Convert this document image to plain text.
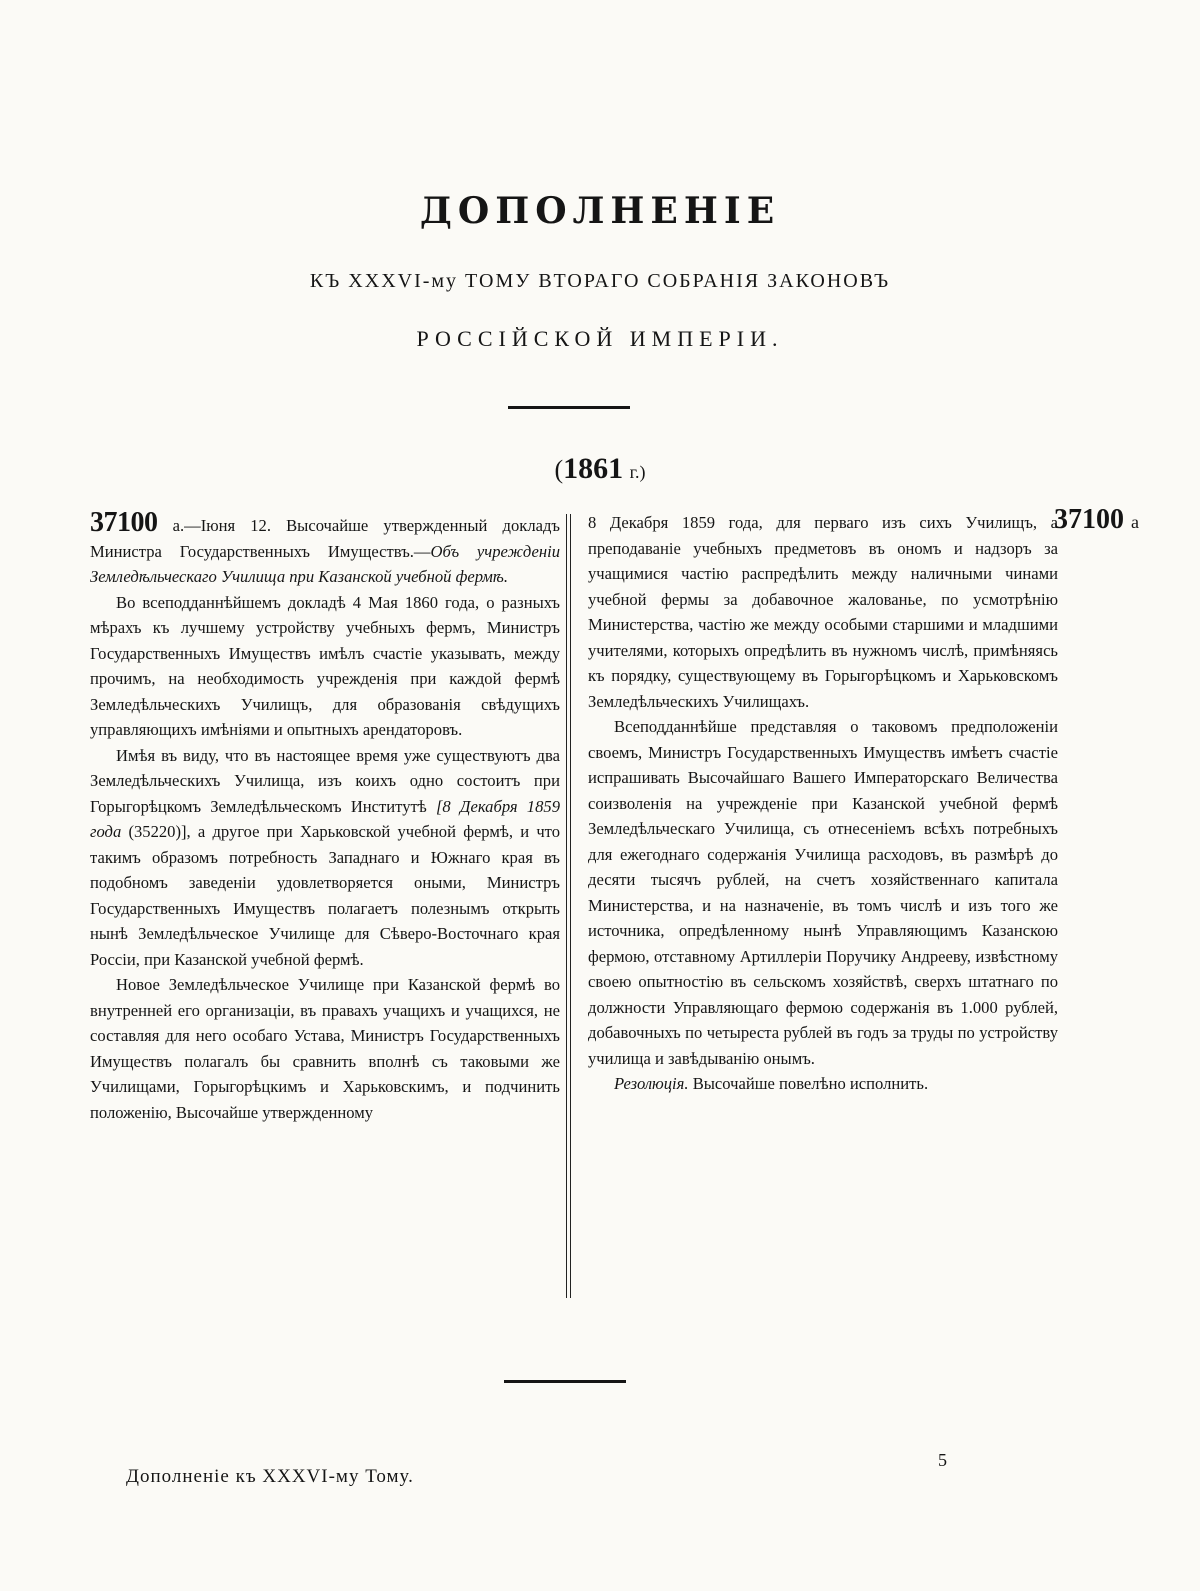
ДОПОЛНЕНІЕ
КЪ XXXVI-му ТОМУ ВТОРАГО СОБРАНІЯ ЗАКОНОВЪ
РОССІЙСКОЙ ИМПЕРІИ.
(1861 г.)

37100 а.—Іюня 12. Высочайше утвержденный докладъ Министра Государственныхъ Имуществъ.—Объ учрежденіи Земледѣльческаго Училища при Казанской учебной фермѣ.

Во всеподданнѣйшемъ докладѣ 4 Мая 1860 года, о разныхъ мѣрахъ къ лучшему устройству учебныхъ фермъ, Министръ Государственныхъ Имуществъ имѣлъ счастіе указывать, между прочимъ, на необходимость учрежденія при каждой фермѣ Земледѣльческихъ Училищъ, для образованія свѣдущихъ управляющихъ имѣніями и опытныхъ арендаторовъ.

Имѣя въ виду, что въ настоящее время уже существуютъ два Земледѣльческихъ Училища, изъ коихъ одно состоитъ при Горыгорѣцкомъ Земледѣльческомъ Институтѣ [8 Декабря 1859 года (35220)], а другое при Харьковской учебной фермѣ, и что такимъ образомъ потребность Западнаго и Южнаго края въ подобномъ заведеніи удовлетворяется оными, Министръ Государственныхъ Имуществъ полагаетъ полезнымъ открыть нынѣ Земледѣльческое Училище для Сѣверо-Восточнаго края Россіи, при Казанской учебной фермѣ.

Новое Земледѣльческое Училище при Казанской фермѣ во внутренней его организаціи, въ правахъ учащихъ и учащихся, не составляя для него особаго Устава, Министръ Государственныхъ Имуществъ полагалъ бы сравнить вполнѣ съ таковыми же Училищами, Горыгорѣцкимъ и Харьковскимъ, и подчинить положенію, Высочайше утвержденному

8 Декабря 1859 года, для перваго изъ сихъ Училищъ, а преподаваніе учебныхъ предметовъ въ ономъ и надзоръ за учащимися частію распредѣлить между наличными чинами учебной фермы за добавочное жалованье, по усмотрѣнію Министерства, частію же между особыми старшими и младшими учителями, которыхъ опредѣлить въ нужномъ числѣ, примѣняясь къ порядку, существующему въ Горыгорѣцкомъ и Харьковскомъ Земледѣльческихъ Училищахъ.

Всеподданнѣйше представляя о таковомъ предположеніи своемъ, Министръ Государственныхъ Имуществъ имѣетъ счастіе испрашивать Высочайшаго Вашего Императорскаго Величества соизволенія на учрежденіе при Казанской учебной фермѣ Земледѣльческаго Училища, съ отнесеніемъ всѣхъ потребныхъ для ежегоднаго содержанія Училища расходовъ, въ размѣрѣ до десяти тысячъ рублей, на счетъ хозяйственнаго капитала Министерства, и на назначеніе, въ томъ числѣ и изъ того же источника, опредѣленному нынѣ Управляющимъ Казанскою фермою, отставному Артиллеріи Поручику Андрееву, извѣстному своею опытностію въ сельскомъ хозяйствѣ, сверхъ штатнаго по должности Управляющаго фермою содержанія въ 1.000 рублей, добавочныхъ по четыреста рублей въ годъ за труды по устройству училища и завѣдыванію онымъ.

Резолюція. Высочайше повелѣно исполнить.

37100 а
Дополненіе къ XXXVI-му Тому.
5
